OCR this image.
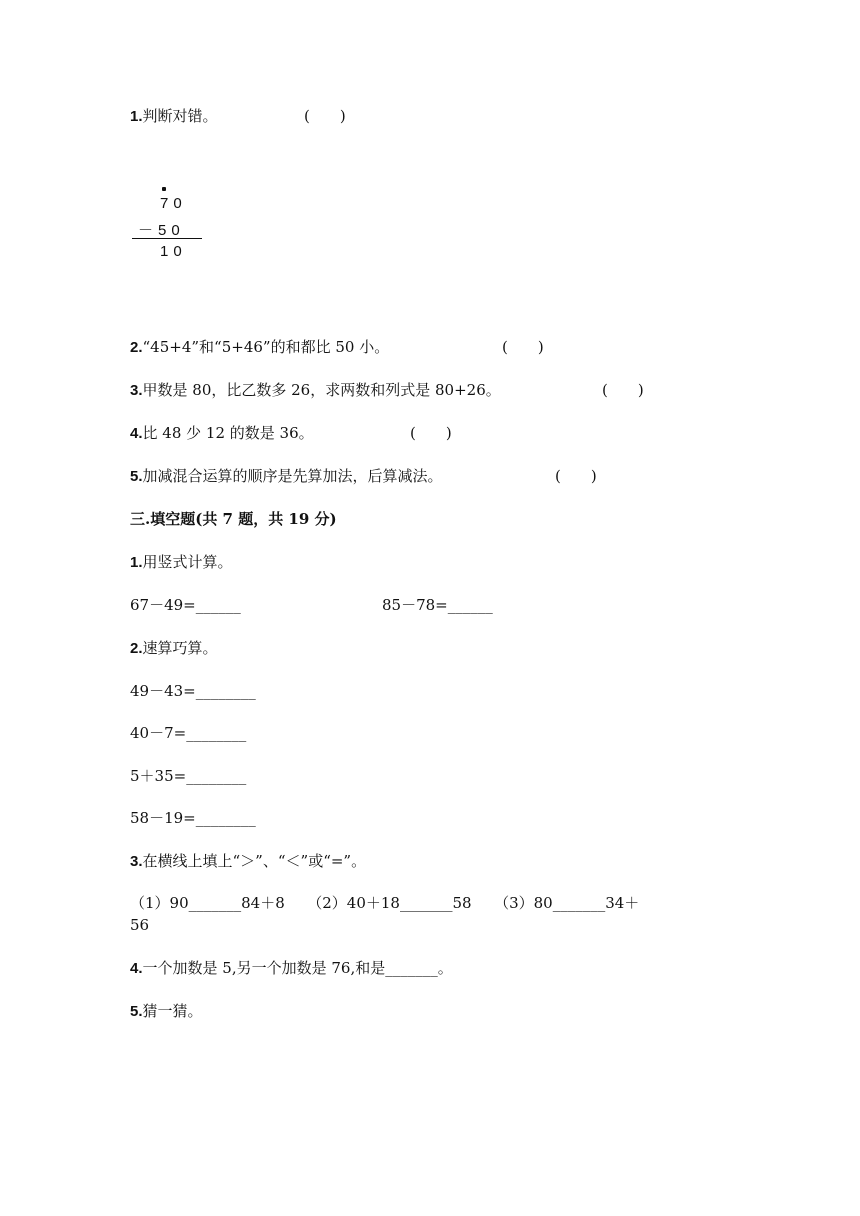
1.判断对错。	(　　)
70
－50
10
2.“45+4”和“5+46”的和都比 50 小。	(　　)
3.甲数是 80，比乙数多 26，求两数和列式是 80+26。	(　　)
4.比 48 少 12 的数是 36。	(　　)
5.加减混合运算的顺序是先算加法，后算减法。	(　　)
三.填空题(共 7 题，共 19 分)
1.用竖式计算。
67－49=______	85－78=______
2.速算巧算。
49－43=________
40－7=________
5＋35=________
58－19=________
3.在横线上填上“＞”、“＜”或“=”。
（1）90_______84＋8　　（2）40＋18_______58　　（3）80_______34＋
56
4.一个加数是 5,另一个加数是 76,和是_______。
5.猜一猜。
